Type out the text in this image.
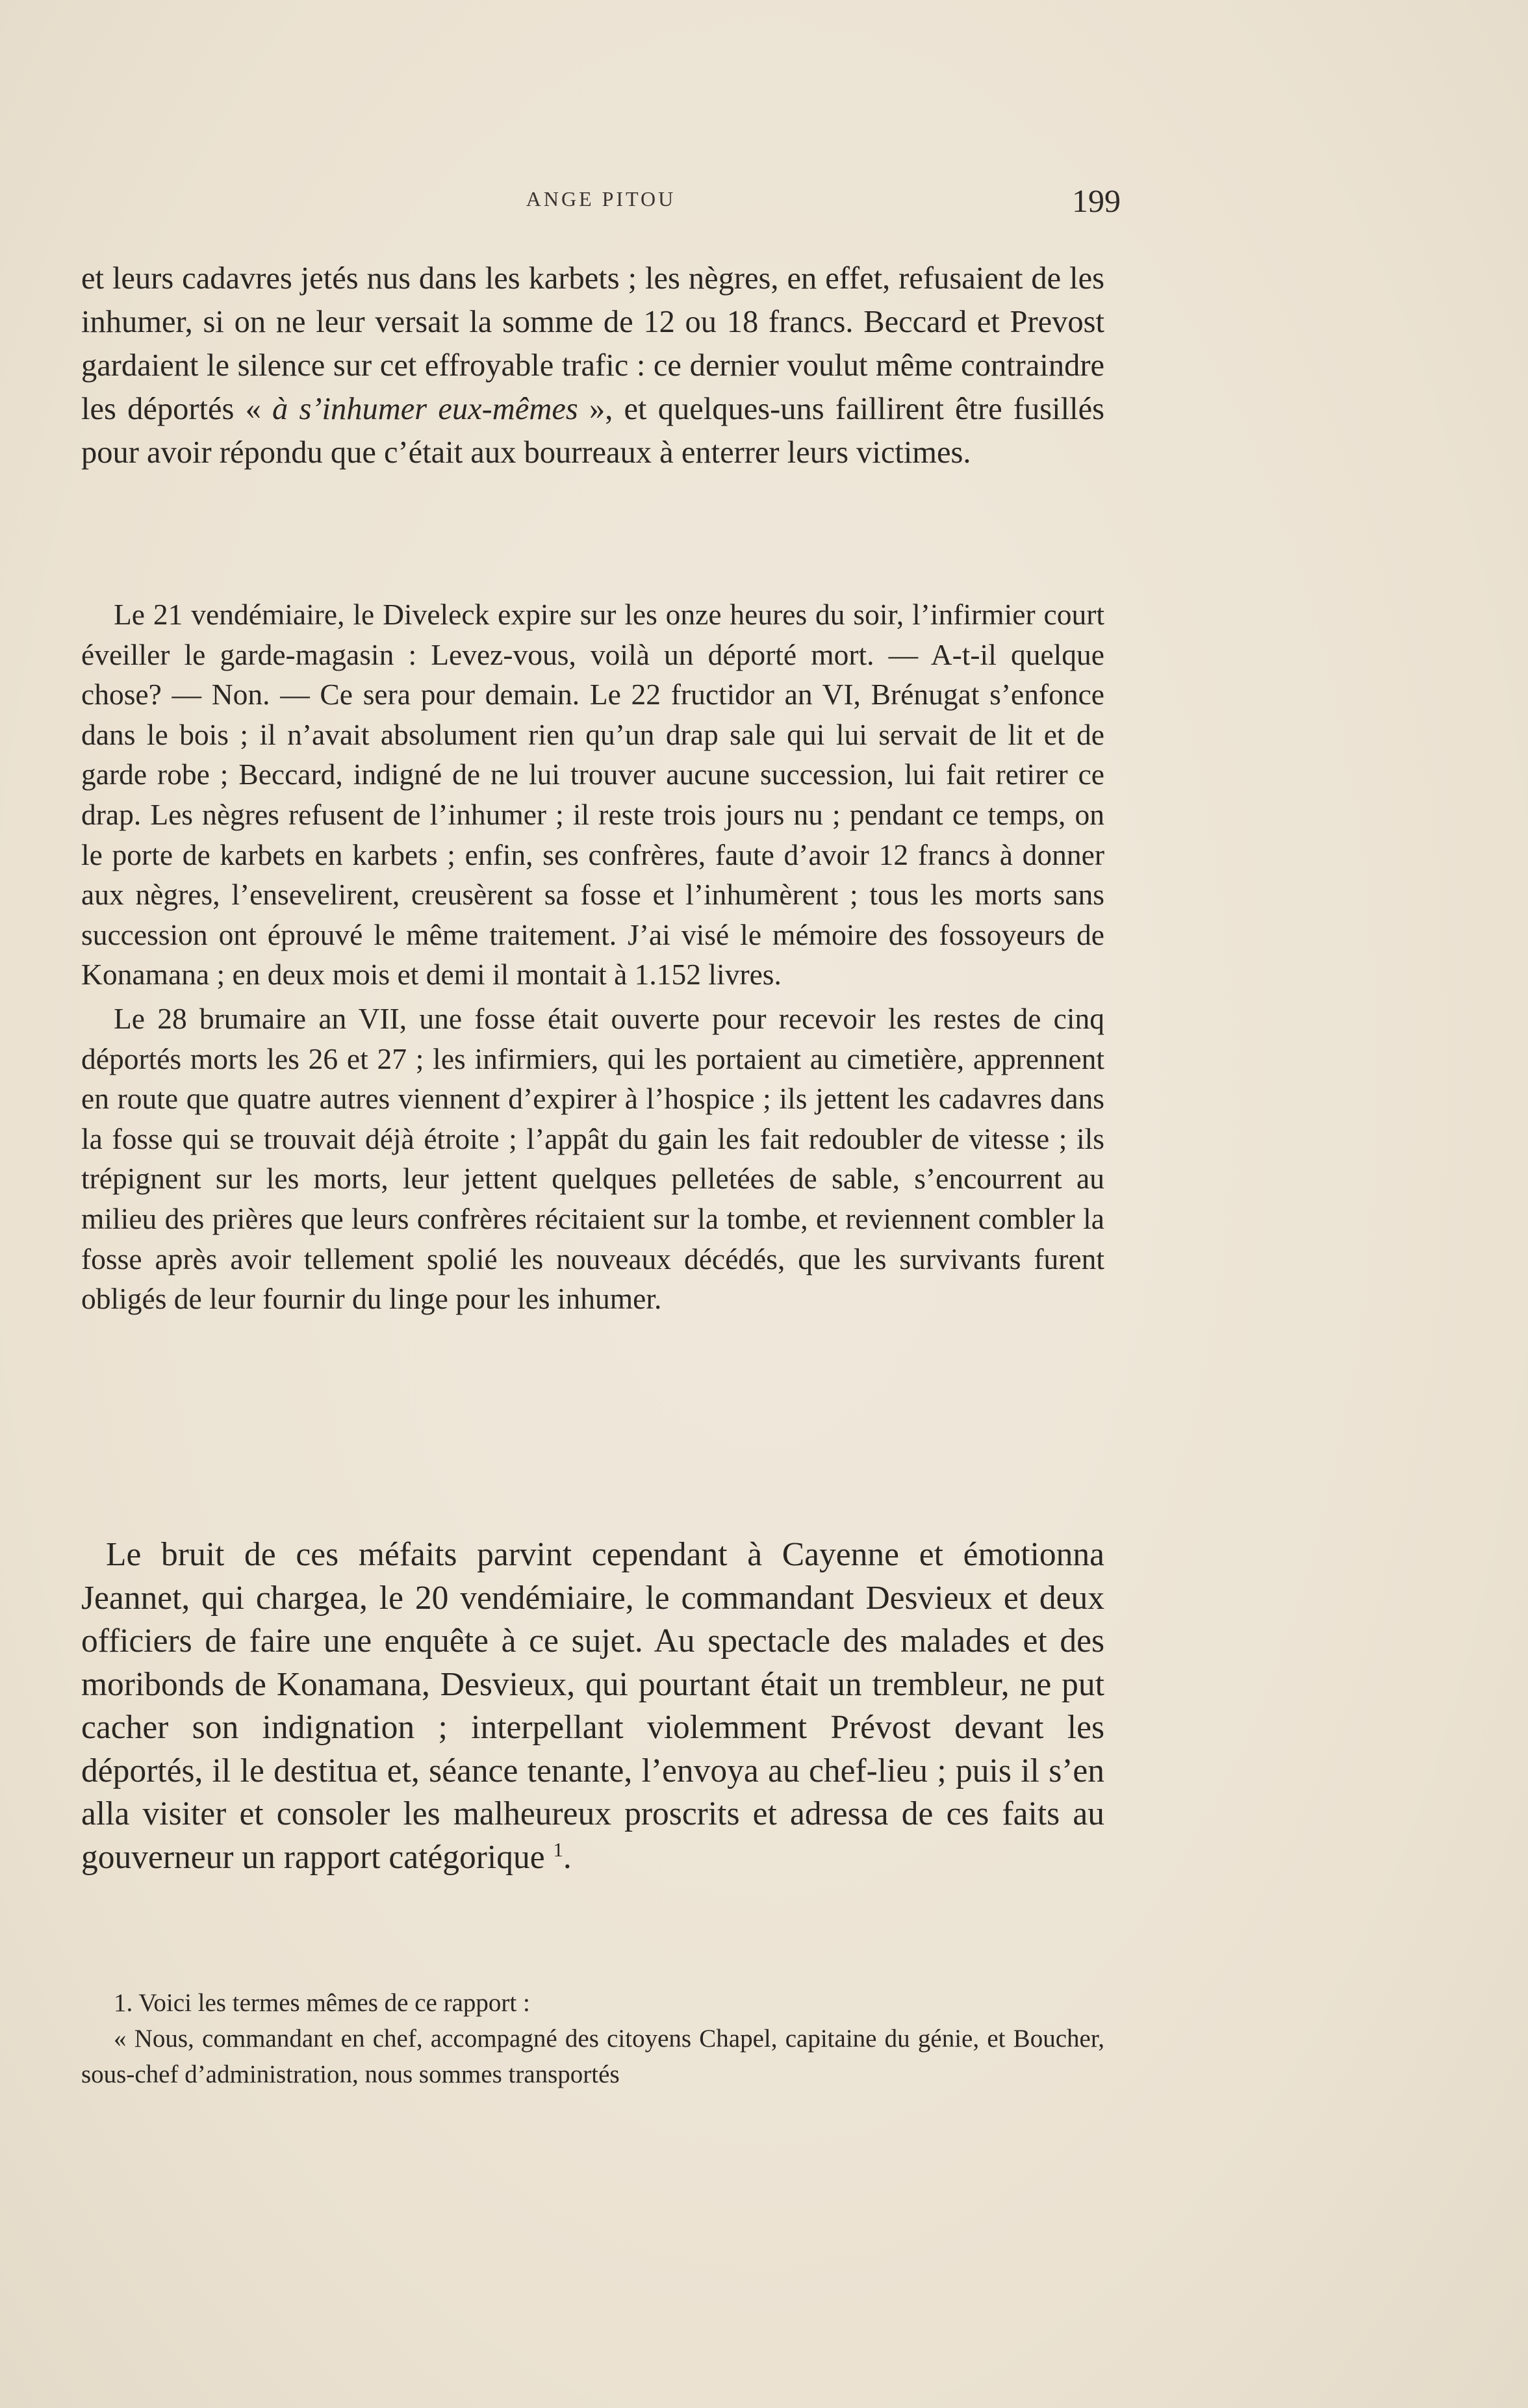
ANGE PITOU	199

et leurs cadavres jetés nus dans les karbets ; les nègres, en effet, refusaient de les inhumer, si on ne leur versait la somme de 12 ou 18 francs. Beccard et Prevost gardaient le silence sur cet effroyable trafic : ce dernier voulut même contraindre les déportés « à s’inhumer eux-mêmes », et quelques-uns faillirent être fusillés pour avoir répondu que c’était aux bourreaux à enterrer leurs victimes.

Le 21 vendémiaire, le Diveleck expire sur les onze heures du soir, l’infirmier court éveiller le garde-magasin : Levez-vous, voilà un déporté mort. — A-t-il quelque chose? — Non. — Ce sera pour demain. Le 22 fructidor an VI, Brénugat s’enfonce dans le bois ; il n’avait absolument rien qu’un drap sale qui lui servait de lit et de garde robe ; Beccard, indigné de ne lui trouver aucune succession, lui fait retirer ce drap. Les nègres refusent de l’inhumer ; il reste trois jours nu ; pendant ce temps, on le porte de karbets en karbets ; enfin, ses confrères, faute d’avoir 12 francs à donner aux nègres, l’ensevelirent, creusèrent sa fosse et l’inhumèrent ; tous les morts sans succession ont éprouvé le même traitement. J’ai visé le mémoire des fossoyeurs de Konamana ; en deux mois et demi il montait à 1.152 livres.

Le 28 brumaire an VII, une fosse était ouverte pour recevoir les restes de cinq déportés morts les 26 et 27 ; les infirmiers, qui les portaient au cimetière, apprennent en route que quatre autres viennent d’expirer à l’hospice ; ils jettent les cadavres dans la fosse qui se trouvait déjà étroite ; l’appât du gain les fait redoubler de vitesse ; ils trépignent sur les morts, leur jettent quelques pelletées de sable, s’encourrent au milieu des prières que leurs confrères récitaient sur la tombe, et reviennent combler la fosse après avoir tellement spolié les nouveaux décédés, que les survivants furent obligés de leur fournir du linge pour les inhumer.

Le bruit de ces méfaits parvint cependant à Cayenne et émotionna Jeannet, qui chargea, le 20 vendémiaire, le commandant Desvieux et deux officiers de faire une enquête à ce sujet. Au spectacle des malades et des moribonds de Konamana, Desvieux, qui pourtant était un trembleur, ne put cacher son indignation ; interpellant violemment Prévost devant les déportés, il le destitua et, séance tenante, l’envoya au chef-lieu ; puis il s’en alla visiter et consoler les malheureux proscrits et adressa de ces faits au gouverneur un rapport catégorique $^1$.

1. Voici les termes mêmes de ce rapport :

« Nous, commandant en chef, accompagné des citoyens Chapel, capitaine du génie, et Boucher, sous-chef d’administration, nous sommes transportés
